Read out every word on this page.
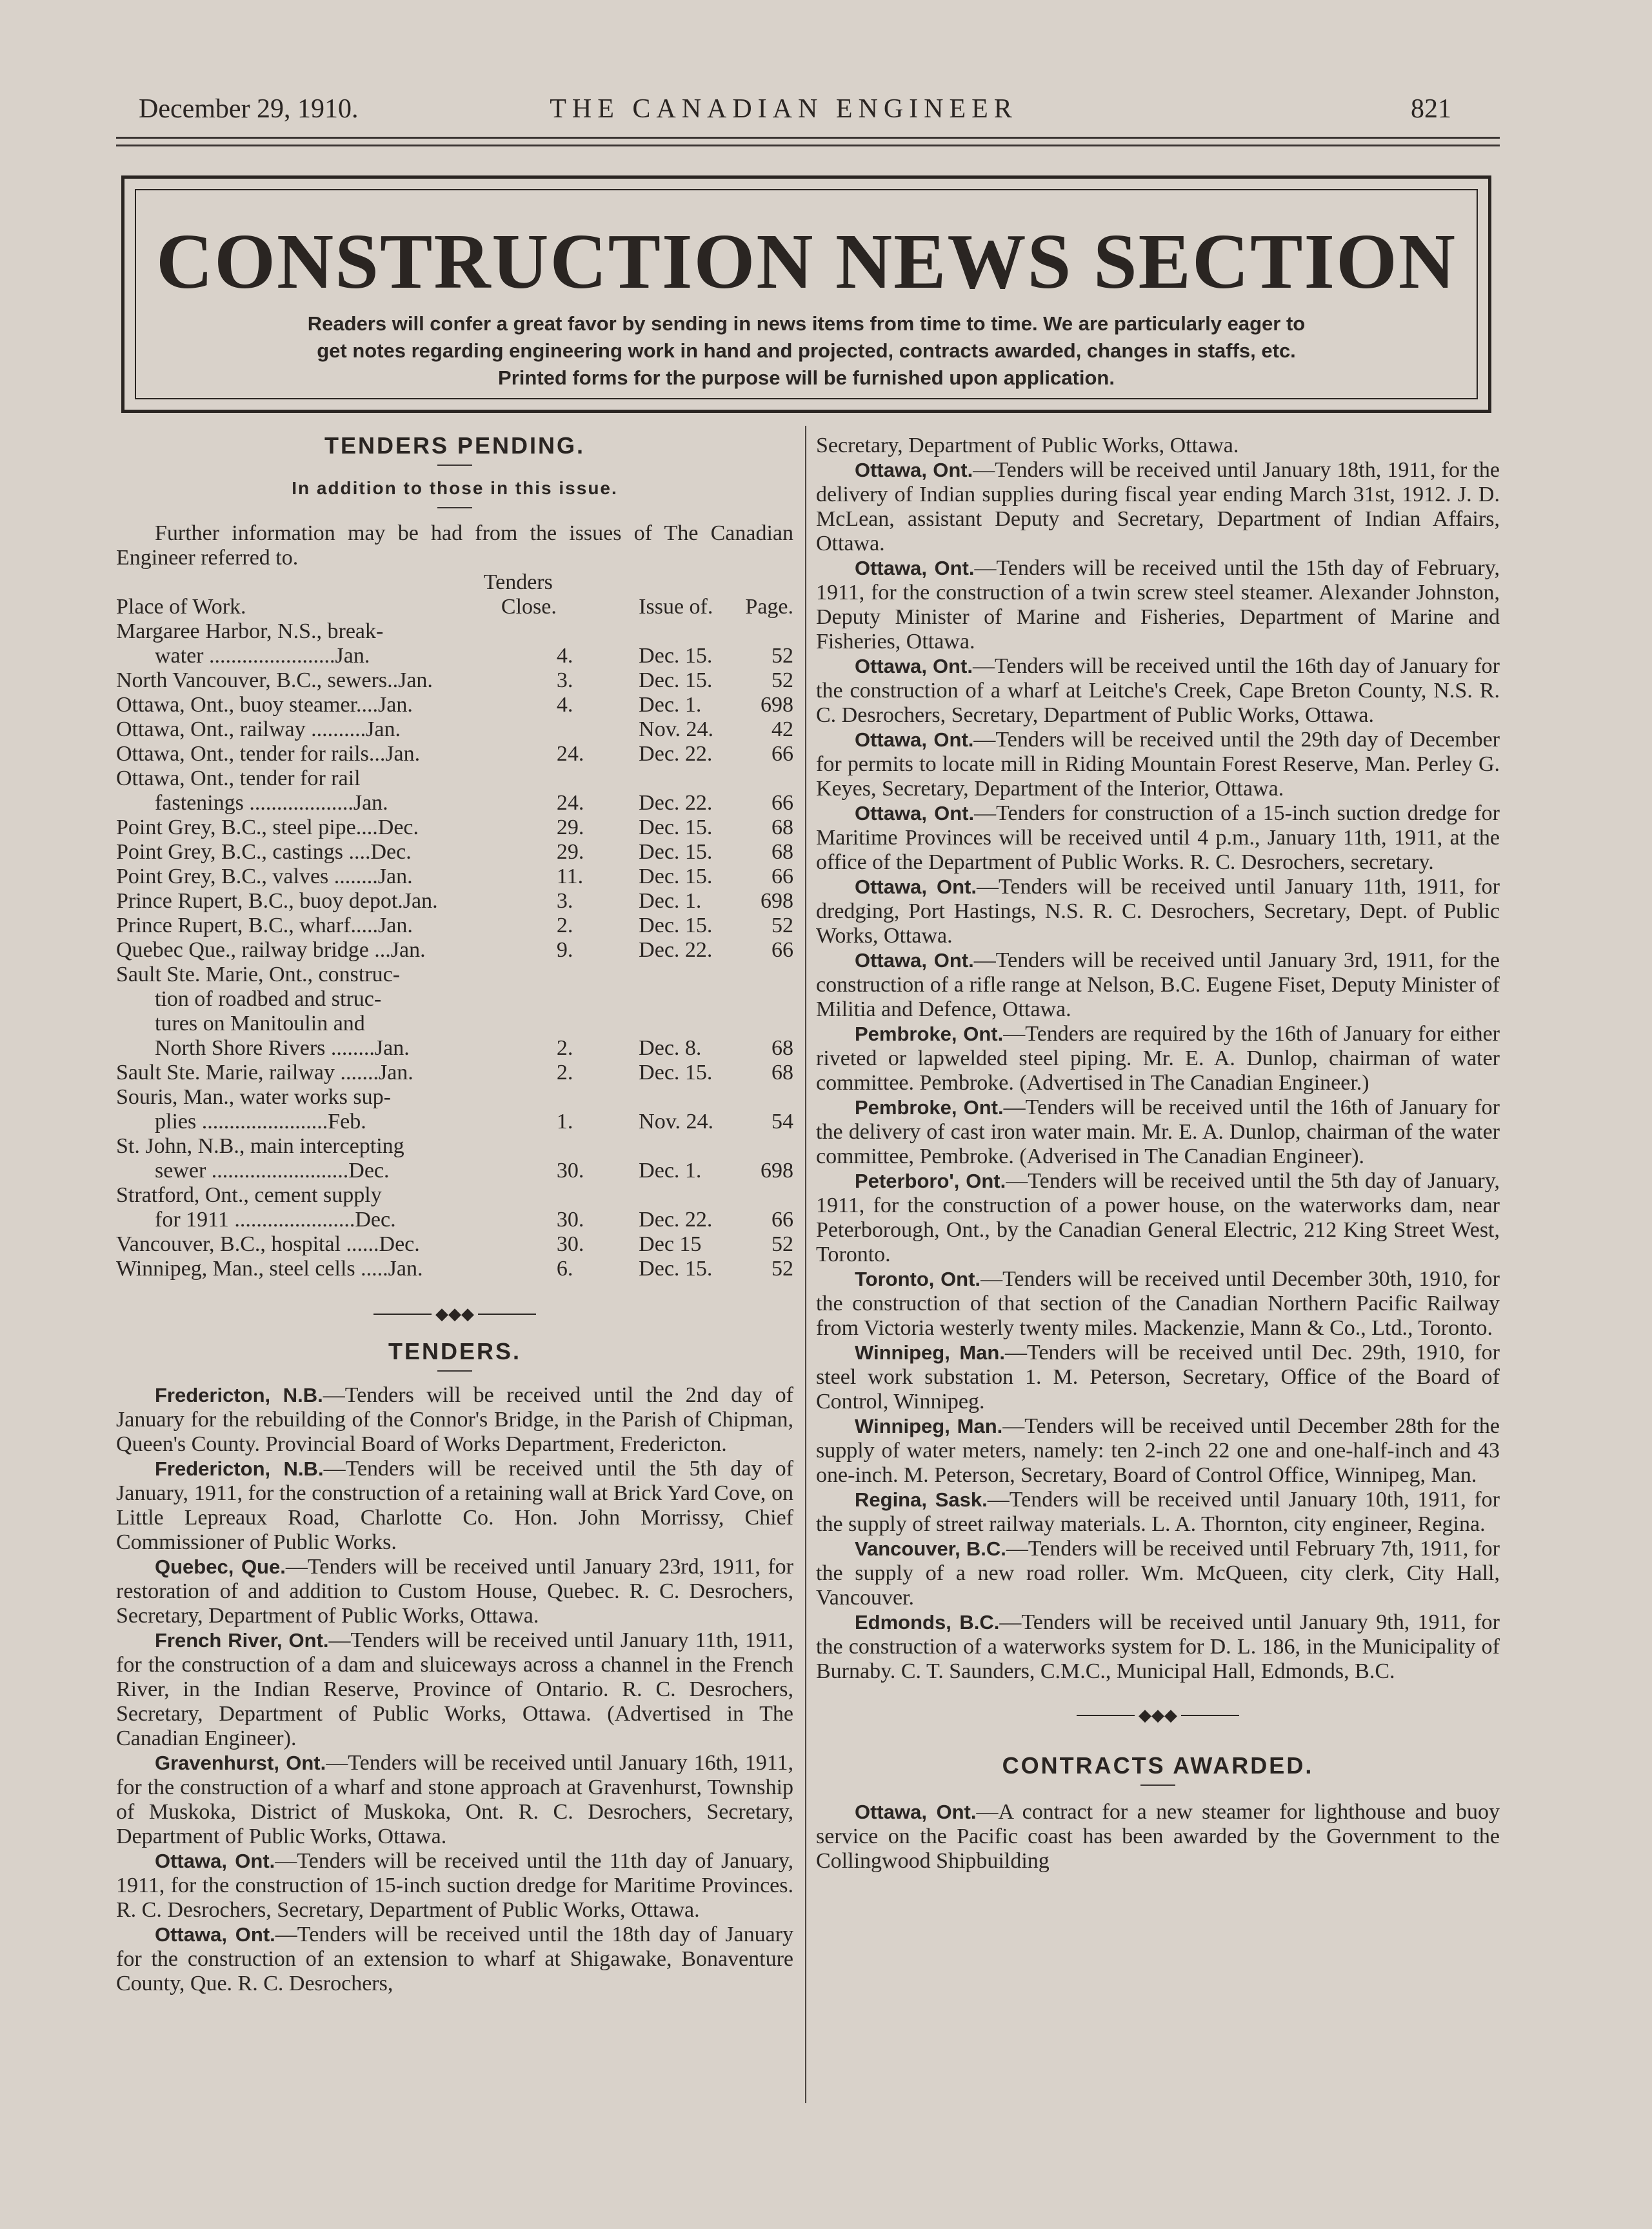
December 29, 1910.	THE CANADIAN ENGINEER	821
CONSTRUCTION NEWS SECTION
Readers will confer a great favor by sending in news items from time to time. We are particularly eager to
get notes regarding engineering work in hand and projected, contracts awarded, changes in staffs, etc.
Printed forms for the purpose will be furnished upon application.
TENDERS PENDING.
In addition to those in this issue.

Further information may be had from the issues of The Canadian Engineer referred to.

Tenders			
Place of Work. Close.		Issue of.	Page.
Margaree Harbor, N.S., break-			
water .......................Jan.	4.	Dec. 15.	52
North Vancouver, B.C., sewers..Jan.	3.	Dec. 15.	52
Ottawa, Ont., buoy steamer....Jan.	4.	Dec. 1.	698
Ottawa, Ont., railway ..........Jan.		Nov. 24.	42
Ottawa, Ont., tender for rails...Jan.	24.	Dec. 22.	66
Ottawa, Ont., tender for rail			
fastenings ...................Jan.	24.	Dec. 22.	66
Point Grey, B.C., steel pipe....Dec.	29.	Dec. 15.	68
Point Grey, B.C., castings ....Dec.	29.	Dec. 15.	68
Point Grey, B.C., valves ........Jan.	11.	Dec. 15.	66
Prince Rupert, B.C., buoy depot.Jan.	3.	Dec. 1.	698
Prince Rupert, B.C., wharf.....Jan.	2.	Dec. 15.	52
Quebec Que., railway bridge ...Jan.	9.	Dec. 22.	66
Sault Ste. Marie, Ont., construc-			
tion of roadbed and struc-			
tures on Manitoulin and			
North Shore Rivers ........Jan.	2.	Dec. 8.	68
Sault Ste. Marie, railway .......Jan.	2.	Dec. 15.	68
Souris, Man., water works sup-			
plies .......................Feb.	1.	Nov. 24.	54
St. John, N.B., main intercepting			
sewer .........................Dec.	30.	Dec. 1.	698
Stratford, Ont., cement supply			
for 1911 ......................Dec.	30.	Dec. 22.	66
Vancouver, B.C., hospital ......Dec.	30.	Dec 15	52
Winnipeg, Man., steel cells .....Jan.	6.	Dec. 15.	52
◆◆◆
TENDERS.

Fredericton, N.B.—Tenders will be received until the 2nd day of January for the rebuilding of the Connor's Bridge, in the Parish of Chipman, Queen's County. Provincial Board of Works Department, Fredericton.

Fredericton, N.B.—Tenders will be received until the 5th day of January, 1911, for the construction of a retaining wall at Brick Yard Cove, on Little Lepreaux Road, Charlotte Co. Hon. John Morrissy, Chief Commissioner of Public Works.

Quebec, Que.—Tenders will be received until January 23rd, 1911, for restoration of and addition to Custom House, Quebec. R. C. Desrochers, Secretary, Department of Public Works, Ottawa.

French River, Ont.—Tenders will be received until January 11th, 1911, for the construction of a dam and sluiceways across a channel in the French River, in the Indian Reserve, Province of Ontario. R. C. Desrochers, Secretary, Department of Public Works, Ottawa. (Advertised in The Canadian Engineer).

Gravenhurst, Ont.—Tenders will be received until January 16th, 1911, for the construction of a wharf and stone approach at Gravenhurst, Township of Muskoka, District of Muskoka, Ont. R. C. Desrochers, Secretary, Department of Public Works, Ottawa.

Ottawa, Ont.—Tenders will be received until the 11th day of January, 1911, for the construction of 15-inch suction dredge for Maritime Provinces. R. C. Desrochers, Secretary, Department of Public Works, Ottawa.

Ottawa, Ont.—Tenders will be received until the 18th day of January for the construction of an extension to wharf at Shigawake, Bonaventure County, Que. R. C. Desrochers,

Secretary, Department of Public Works, Ottawa.

Ottawa, Ont.—Tenders will be received until January 18th, 1911, for the delivery of Indian supplies during fiscal year ending March 31st, 1912. J. D. McLean, assistant Deputy and Secretary, Department of Indian Affairs, Ottawa.

Ottawa, Ont.—Tenders will be received until the 15th day of February, 1911, for the construction of a twin screw steel steamer. Alexander Johnston, Deputy Minister of Marine and Fisheries, Department of Marine and Fisheries, Ottawa.

Ottawa, Ont.—Tenders will be received until the 16th day of January for the construction of a wharf at Leitche's Creek, Cape Breton County, N.S. R. C. Desrochers, Secretary, Department of Public Works, Ottawa.

Ottawa, Ont.—Tenders will be received until the 29th day of December for permits to locate mill in Riding Mountain Forest Reserve, Man. Perley G. Keyes, Secretary, Department of the Interior, Ottawa.

Ottawa, Ont.—Tenders for construction of a 15-inch suction dredge for Maritime Provinces will be received until 4 p.m., January 11th, 1911, at the office of the Department of Public Works. R. C. Desrochers, secretary.

Ottawa, Ont.—Tenders will be received until January 11th, 1911, for dredging, Port Hastings, N.S. R. C. Desrochers, Secretary, Dept. of Public Works, Ottawa.

Ottawa, Ont.—Tenders will be received until January 3rd, 1911, for the construction of a rifle range at Nelson, B.C. Eugene Fiset, Deputy Minister of Militia and Defence, Ottawa.

Pembroke, Ont.—Tenders are required by the 16th of January for either riveted or lapwelded steel piping. Mr. E. A. Dunlop, chairman of water committee. Pembroke. (Advertised in The Canadian Engineer.)

Pembroke, Ont.—Tenders will be received until the 16th of January for the delivery of cast iron water main. Mr. E. A. Dunlop, chairman of the water committee, Pembroke. (Adverised in The Canadian Engineer).

Peterboro', Ont.—Tenders will be received until the 5th day of January, 1911, for the construction of a power house, on the waterworks dam, near Peterborough, Ont., by the Canadian General Electric, 212 King Street West, Toronto.

Toronto, Ont.—Tenders will be received until December 30th, 1910, for the construction of that section of the Canadian Northern Pacific Railway from Victoria westerly twenty miles. Mackenzie, Mann & Co., Ltd., Toronto.

Winnipeg, Man.—Tenders will be received until Dec. 29th, 1910, for steel work substation 1. M. Peterson, Secretary, Office of the Board of Control, Winnipeg.

Winnipeg, Man.—Tenders will be received until December 28th for the supply of water meters, namely: ten 2-inch 22 one and one-half-inch and 43 one-inch. M. Peterson, Secretary, Board of Control Office, Winnipeg, Man.

Regina, Sask.—Tenders will be received until January 10th, 1911, for the supply of street railway materials. L. A. Thornton, city engineer, Regina.

Vancouver, B.C.—Tenders will be received until February 7th, 1911, for the supply of a new road roller. Wm. McQueen, city clerk, City Hall, Vancouver.

Edmonds, B.C.—Tenders will be received until January 9th, 1911, for the construction of a waterworks system for D. L. 186, in the Municipality of Burnaby. C. T. Saunders, C.M.C., Municipal Hall, Edmonds, B.C.

◆◆◆
CONTRACTS AWARDED.

Ottawa, Ont.—A contract for a new steamer for lighthouse and buoy service on the Pacific coast has been awarded by the Government to the Collingwood Shipbuilding
